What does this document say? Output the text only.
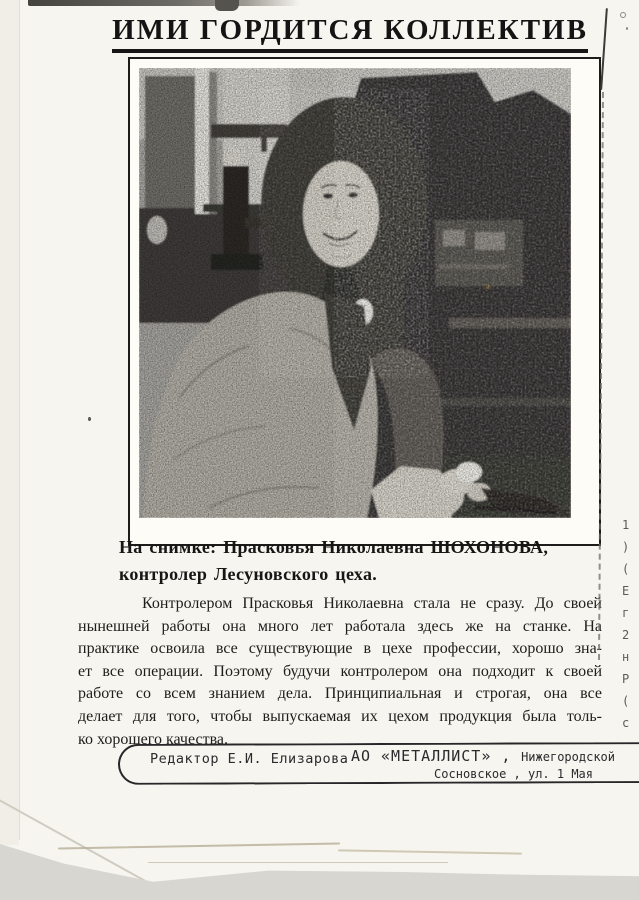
ИМИ ГОРДИТСЯ КОЛЛЕКТИВ

На снимке: Прасковья Николаевна ШОХОНОВА,
контролер Лесуновского цеха.

Контролером Прасковья Николаевна стала не сразу. До своей
нынешней работы она много лет работала здесь же на станке. На
практике освоила все существующие в цехе профессии, хорошо зна-
ет все операции. Поэтому будучи контролером она подходит к своей
работе со всем знанием дела. Принципиальная и строгая, она все
делает для того, чтобы выпускаемая их цехом продукция была толь-
ко хорошего качества.
Редактор Е.И. Елизарова АО «МЕТАЛЛИСТ» , Нижегородской
Сосновское , ул. 1 Мая
1
)
(
Е
г
2
н
Р
(
с
